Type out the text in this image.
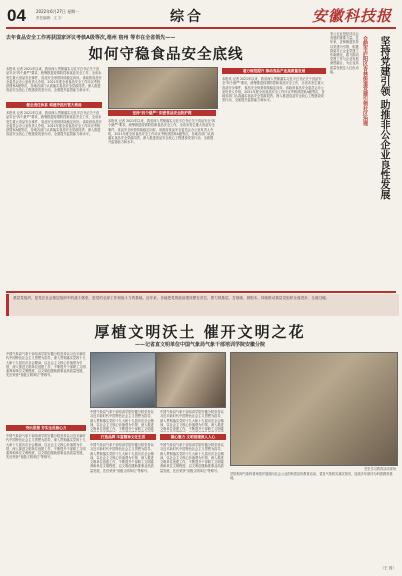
04	2022年6月27日 星期一
责任编辑：文 字	综合	安徽科技报
去年食品安全工作再获国家评议考核A级等次,亳州 宿州 等市在全省领先——
如何守稳食品安全底线
本报讯 记者 2021年以来，我省深入贯彻落实习近平总书记关于食品安全"四个最严"要求，统筹推进疫情防控和食品安全工作，全省未发生重大食品安全事件，食品安全形势持续稳定向好。省政府食品安全委员会办公室负责人介绍，2021年度全省食品安全工作评议考核获国家A级等次，各地各部门认真落实食品安全党政同责，深入推进食品安全放心工程建设攻坚行动，全面提升监管能力和水平。
健全责任体系 构建齐抓共管大格局
本报讯 记者 2021年以来，我省深入贯彻落实习近平总书记关于食品安全"四个最严"要求，统筹推进疫情防控和食品安全工作，全省未发生重大食品安全事件，食品安全形势持续稳定向好。省政府食品安全委员会办公室负责人介绍，2021年度全省食品安全工作评议考核获国家A级等次，各地各部门认真落实食品安全党政同责，深入推进食品安全放心工程建设攻坚行动，全面提升监管能力和水平。
坚持"四个最严" 织密食品安全防护网
本报讯 记者 2021年以来，我省深入贯彻落实习近平总书记关于食品安全"四个最严"要求，统筹推进疫情防控和食品安全工作，全省未发生重大食品安全事件，食品安全形势持续稳定向好。省政府食品安全委员会办公室负责人介绍，2021年度全省食品安全工作评议考核获国家A级等次，各地各部门认真落实食品安全党政同责，深入推进食品安全放心工程建设攻坚行动，全面提升监管能力和水平。
着力规范提升 推动食品产业高质量发展
本报讯 记者 2021年以来，我省深入贯彻落实习近平总书记关于食品安全"四个最严"要求，统筹推进疫情防控和食品安全工作，全省未发生重大食品安全事件，食品安全形势持续稳定向好。省政府食品安全委员会办公室负责人介绍，2021年度全省食品安全工作评议考核获国家A级等次，各地各部门认真落实食品安全党政同责，深入推进食品安全放心工程建设攻坚行动，全面提升监管能力和水平。
非公企业是经济社会发展的重要力量。近年来，杏林街道坚持以党建为引领，积极探索非公企业党建工作新路径，着力推动党建工作与企业发展深度融合，为企业高质量发展注入红色动能。	合肥市庐阳区杏林街道党建引领社区治理 坚持党建引领 助推非公企业良性发展
基层党组织，是党在社会基层组织中的战斗堡垒，是党的全部工作和战斗力的基础。近年来，各地把党的政治建设摆在首位，着力抓基层、打基础、固根本，持续推动基层党组织全面进步、全面过硬。
厚植文明沃土 催开文明之花
——记省直文明单位中国气象局气象干部培训学院安徽分院
中国气象局气象干部培训学院安徽分院坚持以习近平新时代中国特色社会主义思想为指导，深入贯彻落实党的十九大和十九届历次全会精神，以社会主义核心价值观为引领，深入推进文明单位创建工作，不断提升干部职工文明素养和单位文明程度，以文明创建助推事业高质量发展，先后荣获"省级文明单位"等称号。
突出思想 夯实全员核心力
中国气象局气象干部培训学院安徽分院坚持以习近平新时代中国特色社会主义思想为指导，深入贯彻落实党的十九大和十九届历次全会精神，以社会主义核心价值观为引领，深入推进文明单位创建工作，不断提升干部职工文明素养和单位文明程度，以文明创建助推事业高质量发展，先后荣获"省级文明单位"等称号。
中国气象局气象干部培训学院安徽分院坚持以习近平新时代中国特色社会主义思想为指导，深入贯彻落实党的十九大和十九届历次全会精神，以社会主义核心价值观为引领，深入推进文明单位创建工作，不断提升干部职工文明素
打造品牌 丰富精神文化生活
中国气象局气象干部培训学院安徽分院坚持以习近平新时代中国特色社会主义思想为指导，深入贯彻落实党的十九大和十九届历次全会精神，以社会主义核心价值观为引领，深入推进文明单位创建工作，不断提升干部职工文明素养和单位文明程度，以文明创建助推事业高质量发展，先后荣获"省级文明单位"等称号。
中国气象局气象干部培训学院安徽分院坚持以习近平新时代中国特色社会主义思想为指导，深入贯彻落实党的十九大和十九届历次全会精神，以社会主义核心价值观为引领，深入推进文明单位创建工作，不断提升干部职工文明素
凝心聚力 文明创建深入人心
中国气象局气象干部培训学院安徽分院坚持以习近平新时代中国特色社会主义思想为指导，深入贯彻落实党的十九大和十九届历次全会精神，以社会主义核心价值观为引领，深入推进文明单位创建工作，不断提升干部职工文明素养和单位文明程度，以文明创建助推事业高质量发展，先后荣获"省级文明单位"等称号。	党史学习教育活动现场
学院利用气象科普场馆开展面向社会公众的科普宣传教育活动，普及气象防灾减灾知识，连续多年被评为科普教育基地。
（王 嵩）
